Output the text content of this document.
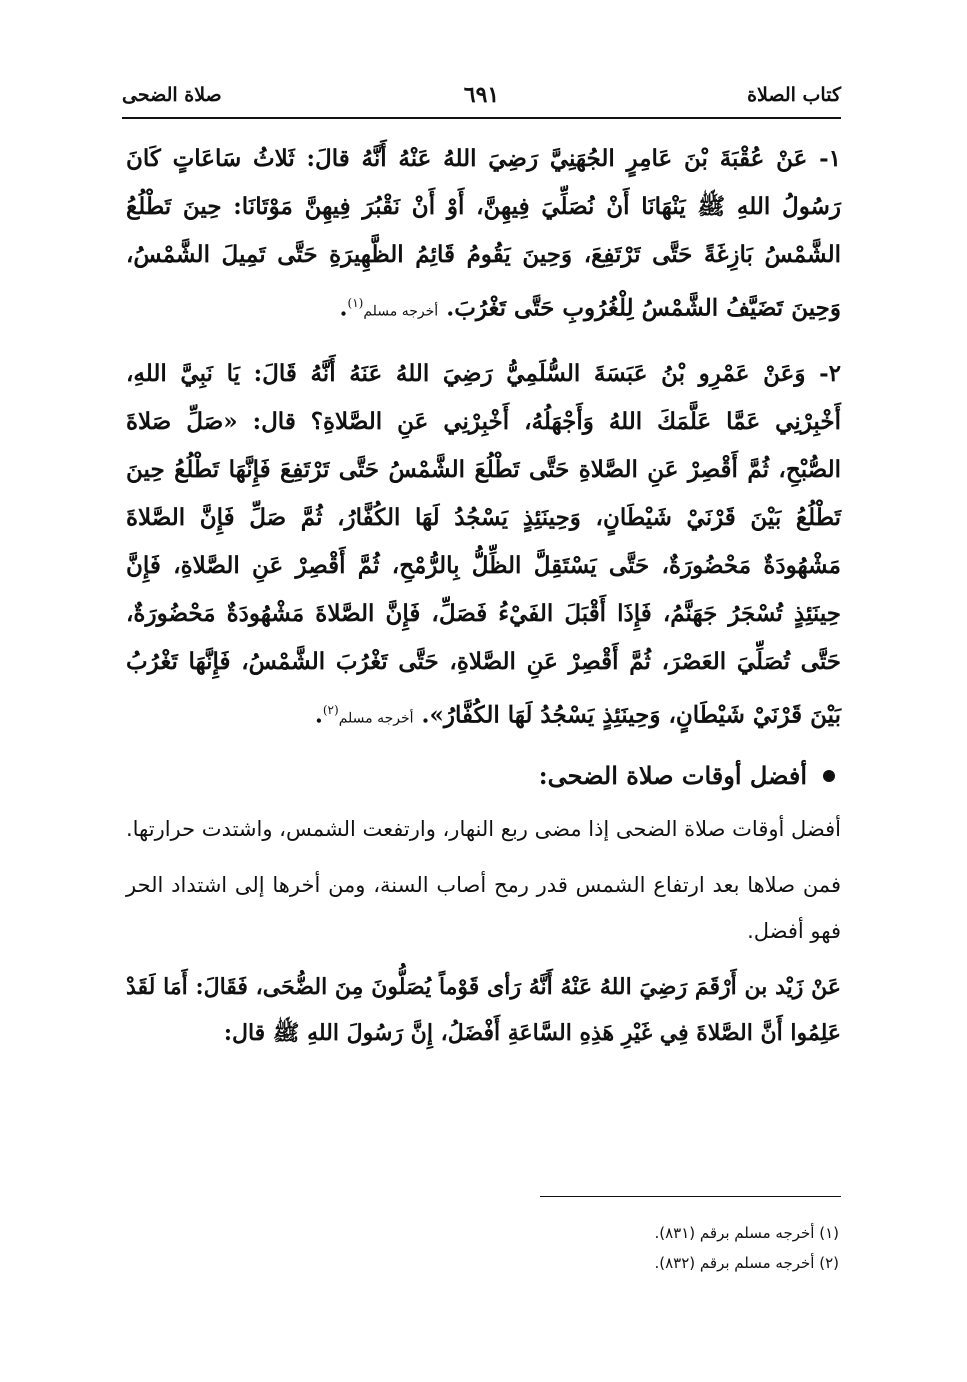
كتاب الصلاة
٦٩١
صلاة الضحى

١- عَنْ عُقْبَةَ بْنَ عَامِرٍ الجُهَنِيَّ رَضِيَ اللهُ عَنْهُ أَنَّهُ قالَ: ثَلاثُ سَاعَاتٍ كَانَ رَسُولُ اللهِ ﷺ يَنْهَانَا أَنْ نُصَلِّيَ فِيهِنَّ، أَوْ أَنْ نَقْبُرَ فِيهِنَّ مَوْتَانَا: حِينَ تَطْلُعُ الشَّمْسُ بَازِغَةً حَتَّى تَرْتَفِعَ، وَحِينَ يَقُومُ قَائِمُ الظَّهِيرَةِ حَتَّى تَمِيلَ الشَّمْسُ، وَحِينَ تَضَيَّفُ الشَّمْسُ لِلْغُرُوبِ حَتَّى تَغْرُبَ. أخرجه مسلم$^{(١)}$.

٢- وَعَنْ عَمْرِو بْنُ عَبَسَةَ السُّلَمِيُّ رَضِيَ اللهُ عَنَهُ أَنَّهُ قَالَ: يَا نَبِيَّ اللهِ، أَخْبِرْنِي عَمَّا عَلَّمَكَ اللهُ وَأَجْهَلُهُ، أَخْبِرْنِي عَنِ الصَّلاةِ؟ قال: «صَلِّ صَلاةَ الصُّبْحِ، ثُمَّ أَقْصِرْ عَنِ الصَّلاةِ حَتَّى تَطْلُعَ الشَّمْسُ حَتَّى تَرْتَفِعَ فَإِنَّهَا تَطْلُعُ حِينَ تَطْلُعُ بَيْنَ قَرْنَيْ شَيْطَانٍ، وَحِينَئِذٍ يَسْجُدُ لَهَا الكُفَّارُ، ثُمَّ صَلِّ فَإِنَّ الصَّلاةَ مَشْهُودَةٌ مَحْضُورَةٌ، حَتَّى يَسْتَقِلَّ الظِّلُّ بِالرُّمْحِ، ثُمَّ أَقْصِرْ عَنِ الصَّلاةِ، فَإِنَّ حِينَئِذٍ تُسْجَرُ جَهَنَّمُ، فَإِذَا أَقْبَلَ الفَيْءُ فَصَلِّ، فَإِنَّ الصَّلاةَ مَشْهُودَةٌ مَحْضُورَةٌ، حَتَّى تُصَلِّيَ العَصْرَ، ثُمَّ أَقْصِرْ عَنِ الصَّلاةِ، حَتَّى تَغْرُبَ الشَّمْسُ، فَإِنَّهَا تَغْرُبُ بَيْنَ قَرْنَيْ شَيْطَانٍ، وَحِينَئِذٍ يَسْجُدُ لَهَا الكُفَّارُ». أخرجه مسلم$^{(٢)}$.

أفضل أوقات صلاة الضحى:

أفضل أوقات صلاة الضحى إذا مضى ربع النهار، وارتفعت الشمس، واشتدت حرارتها.

فمن صلاها بعد ارتفاع الشمس قدر رمح أصاب السنة، ومن أخرها إلى اشتداد الحر فهو أفضل.

عَنْ زَيْد بن أَرْقَمَ رَضِيَ اللهُ عَنْهُ أَنَّهُ رَأى قَوْماً يُصَلُّونَ مِنَ الضُّحَى، فَقَالَ: أَمَا لَقَدْ عَلِمُوا أَنَّ الصَّلاةَ فِي غَيْرِ هَذِهِ السَّاعَةِ أَفْضَلُ، إِنَّ رَسُولَ اللهِ ﷺ قال:

(١) أخرجه مسلم برقم (٨٣١).
(٢) أخرجه مسلم برقم (٨٣٢).
